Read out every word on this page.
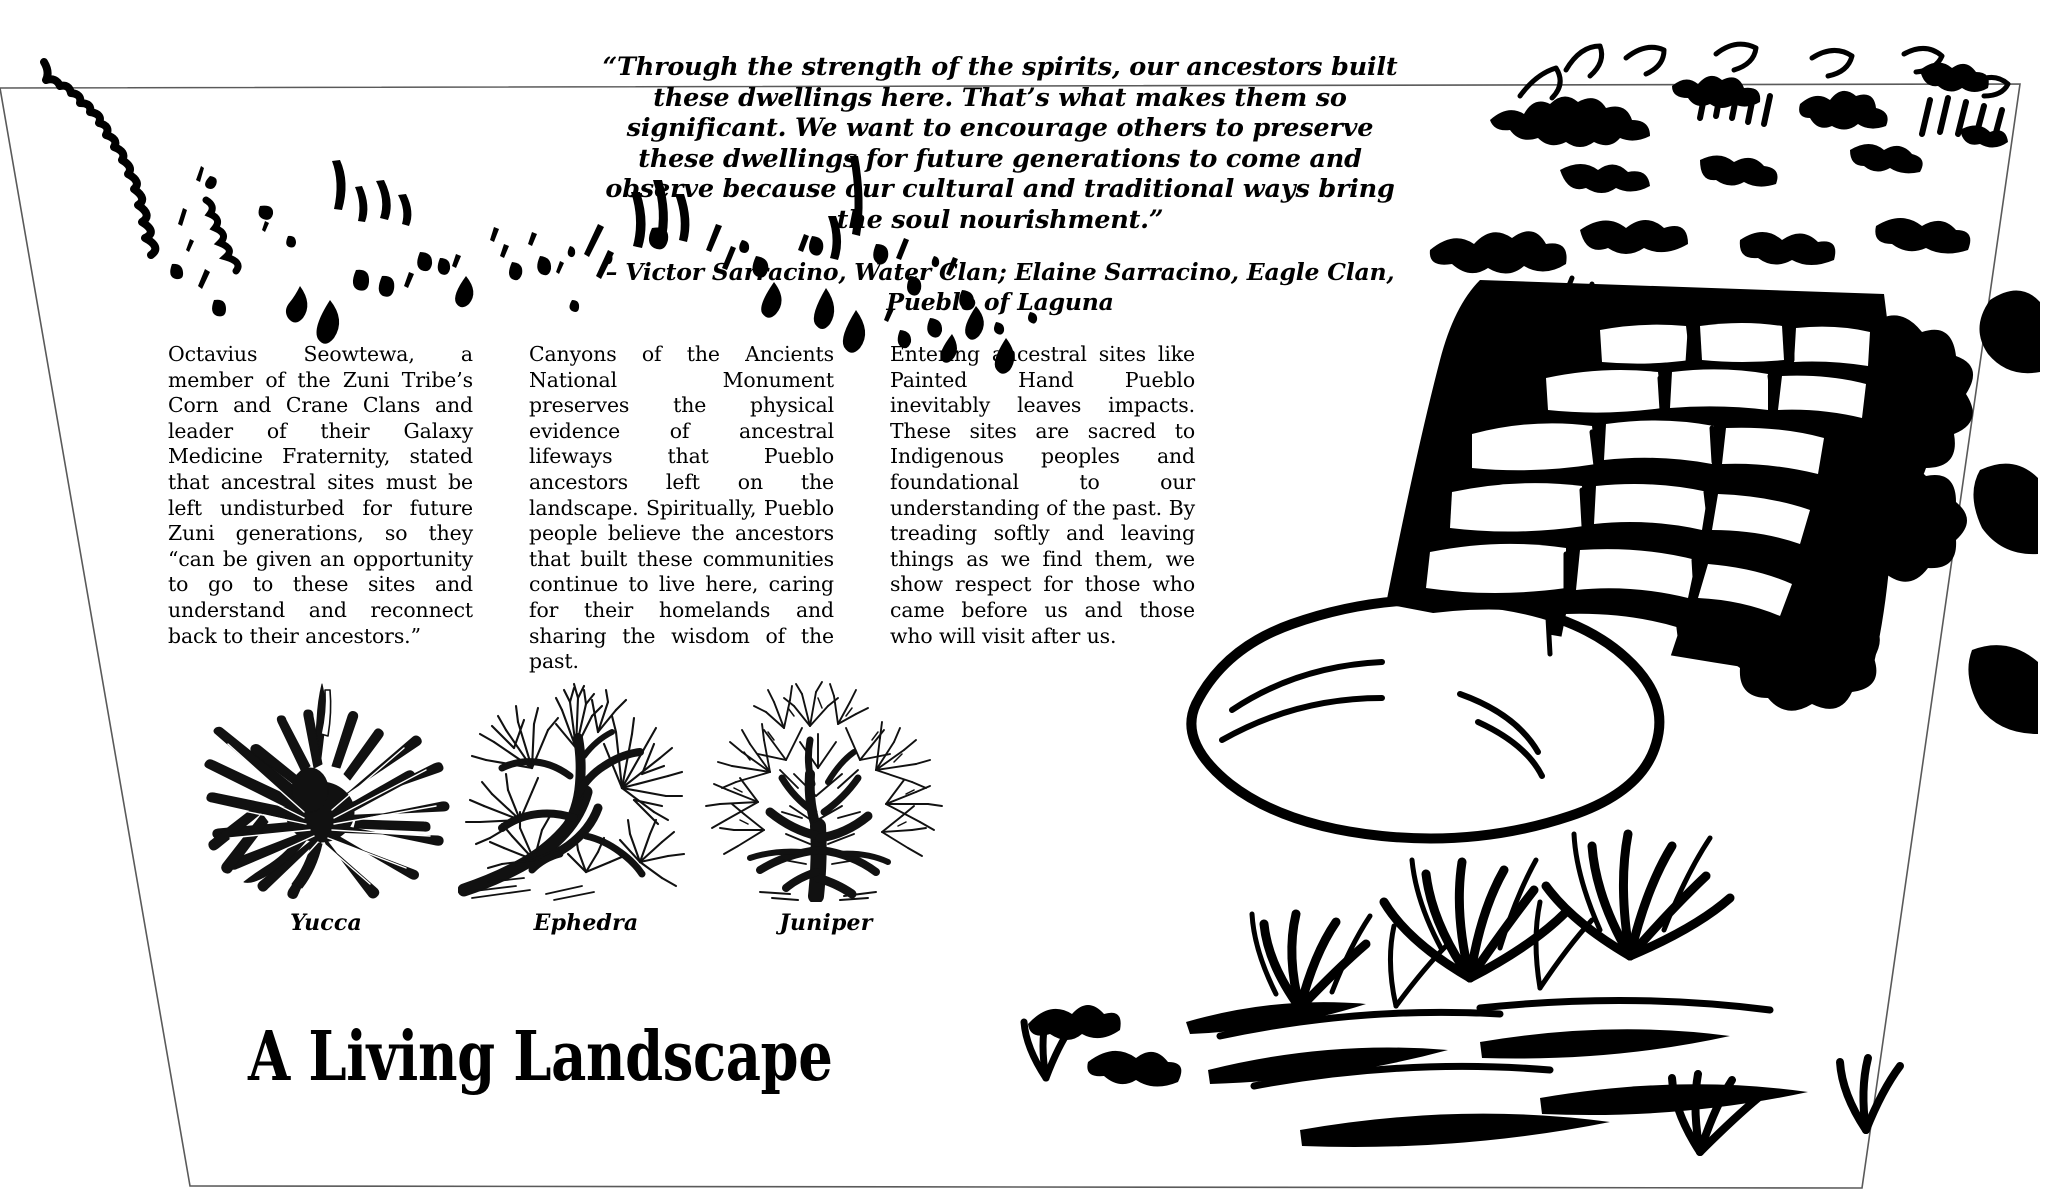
“Through the strength of the spirits, our ancestors built these dwellings here. That’s what makes them so significant. We want to encourage others to preserve these dwellings for future generations to come and observe because our cultural and traditional ways bring the soul nourishment.”

– Victor Sarracino, Water Clan; Elaine Sarracino, Eagle Clan, Pueblo of Laguna

Octavius Seowtewa, a member of the Zuni Tribe’s Corn and Crane Clans and leader of their Galaxy Medicine Fraternity, stated that ancestral sites must be left undisturbed for future Zuni generations, so they “can be given an opportunity to go to these sites and understand and reconnect back to their ancestors.”

Canyons of the Ancients National Monument preserves the physical evidence of ancestral lifeways that Pueblo ancestors left on the landscape. Spiritually, Pueblo people believe the ancestors that built these communities continue to live here, caring for their homelands and sharing the wisdom of the past.

Entering ancestral sites like Painted Hand Pueblo inevitably leaves impacts. These sites are sacred to Indigenous peoples and foundational to our understanding of the past. By treading softly and leaving things as we find them, we show respect for those who came before us and those who will visit after us.

Yucca	Ephedra	Juniper
A Living Landscape
